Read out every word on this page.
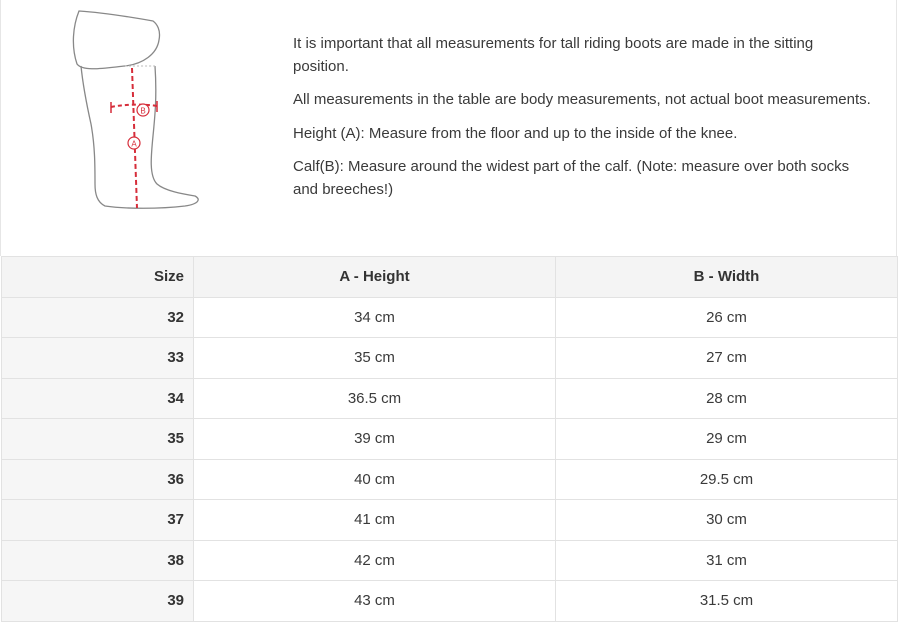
B
A

It is important that all measurements for tall riding boots are made in the sitting position.

All measurements in the table are body measurements, not actual boot measurements.

Height (A): Measure from the floor and up to the inside of the knee.

Calf(B): Measure around the widest part of the calf. (Note: measure over both socks and breeches!)

Size	A - Height	B - Width
32	34 cm	26 cm
33	35 cm	27 cm
34	36.5 cm	28 cm
35	39 cm	29 cm
36	40 cm	29.5 cm
37	41 cm	30 cm
38	42 cm	31 cm
39	43 cm	31.5 cm
